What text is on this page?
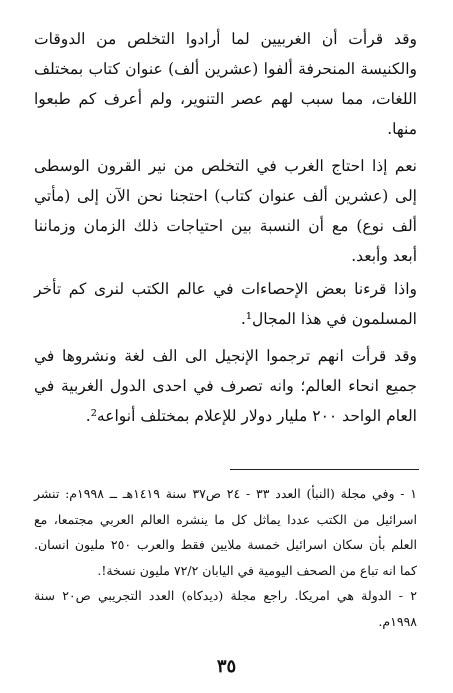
وقد قرأت أن الغربيين لما أرادوا التخلص من الدوقات والكنيسة المنحرفة ألفوا (عشرين ألف) عنوان كتاب بمختلف اللغات، مما سبب لهم عصر التنوير، ولم أعرف كم طبعوا منها.

نعم إذا احتاج الغرب في التخلص من نير القرون الوسطى إلى (عشرين ألف عنوان كتاب) احتجنا نحن الآن إلى (مأتي ألف نوع) مع أن النسبة بين احتياجات ذلك الزمان وزماننا أبعد وأبعد.

واذا قرءنا بعض الإحصاءات في عالم الكتب لنرى كم تأخر المسلمون في هذا المجال¹.

وقد قرأت انهم ترجموا الإنجيل الى الف لغة ونشروها في جميع انحاء العالم؛ وانه تصرف في احدى الدول الغربية في العام الواحد ٢٠٠ مليار دولار للإعلام بمختلف أنواعه².

١ - وفي مجلة (النبأ) العدد ٣٣ - ٢٤ ص٣٧ سنة ١٤١٩هـ ــ ١٩٩٨م: تنشر اسرائيل من الكتب عددا يماثل كل ما ينشره العالم العربي مجتمعا، مع العلم بأن سكان اسرائيل خمسة ملايين فقط والعرب ٢٥٠ مليون انسان. كما انه تباع من الصحف اليومية في اليابان ٧٢/٢ مليون نسخة!.

٢ - الدولة هي امريكا. راجع مجلة (ديدكاه) العدد التجريبي ص٢٠ سنة ١٩٩٨م.

٣٥
